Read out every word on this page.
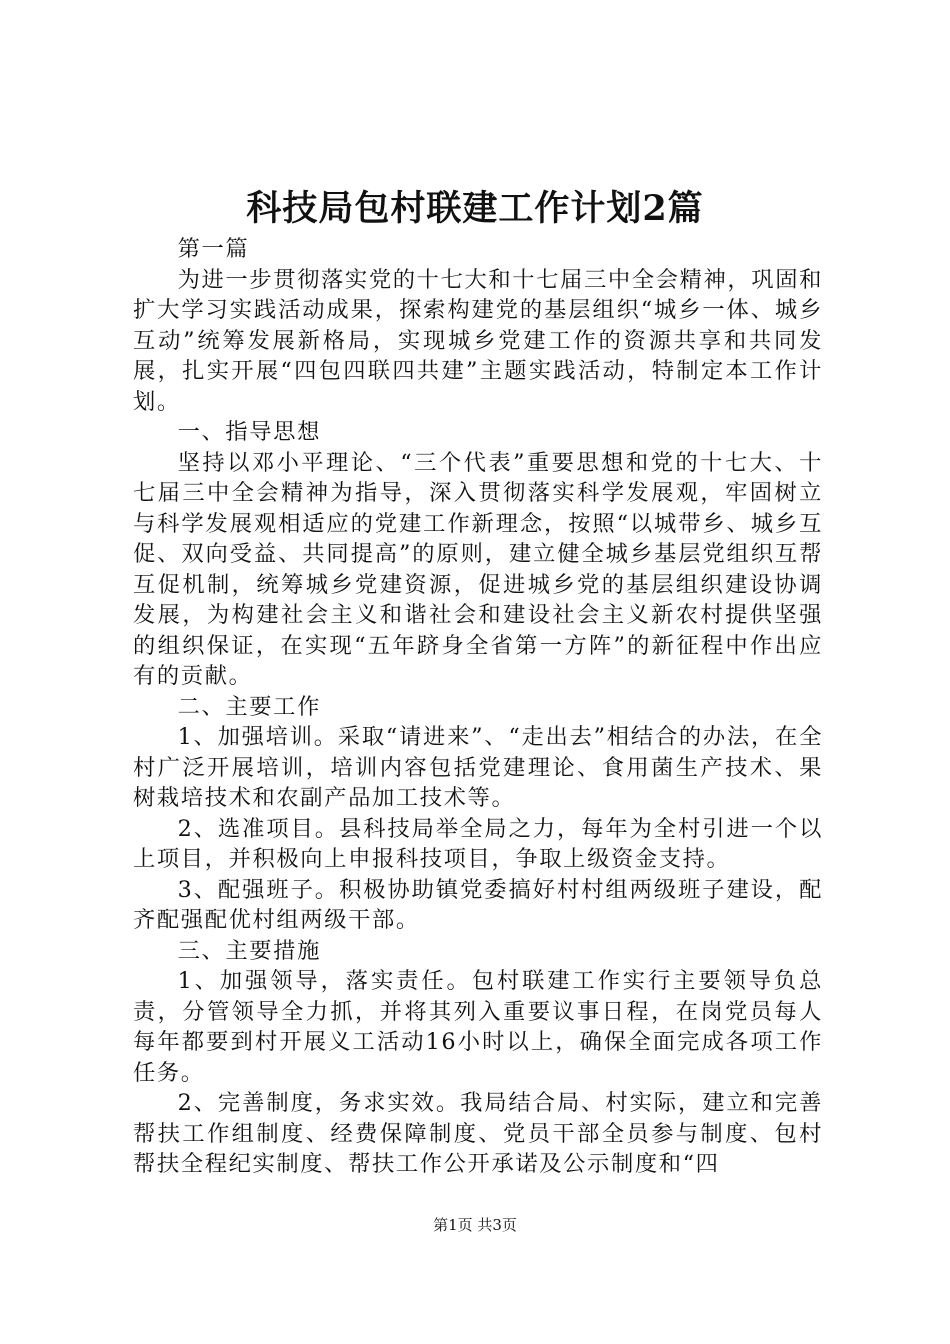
科技局包村联建工作计划2篇

第一篇

为进一步贯彻落实党的十七大和十七届三中全会精神，巩固和扩大学习实践活动成果，探索构建党的基层组织“城乡一体、城乡互动”统筹发展新格局，实现城乡党建工作的资源共享和共同发展，扎实开展“四包四联四共建”主题实践活动，特制定本工作计划。

一、指导思想

坚持以邓小平理论、“三个代表”重要思想和党的十七大、十七届三中全会精神为指导，深入贯彻落实科学发展观，牢固树立与科学发展观相适应的党建工作新理念，按照“以城带乡、城乡互促、双向受益、共同提高”的原则，建立健全城乡基层党组织互帮互促机制，统筹城乡党建资源，促进城乡党的基层组织建设协调发展，为构建社会主义和谐社会和建设社会主义新农村提供坚强的组织保证，在实现“五年跻身全省第一方阵”的新征程中作出应有的贡献。

二、主要工作

1、加强培训。采取“请进来”、“走出去”相结合的办法，在全村广泛开展培训，培训内容包括党建理论、食用菌生产技术、果树栽培技术和农副产品加工技术等。

2、选准项目。县科技局举全局之力，每年为全村引进一个以上项目，并积极向上申报科技项目，争取上级资金支持。

3、配强班子。积极协助镇党委搞好村村组两级班子建设，配齐配强配优村组两级干部。

三、主要措施

1、加强领导，落实责任。包村联建工作实行主要领导负总责，分管领导全力抓，并将其列入重要议事日程，在岗党员每人每年都要到村开展义工活动16小时以上，确保全面完成各项工作任务。

2、完善制度，务求实效。我局结合局、村实际，建立和完善帮扶工作组制度、经费保障制度、党员干部全员参与制度、包村帮扶全程纪实制度、帮扶工作公开承诺及公示制度和“四

第1页 共3页
